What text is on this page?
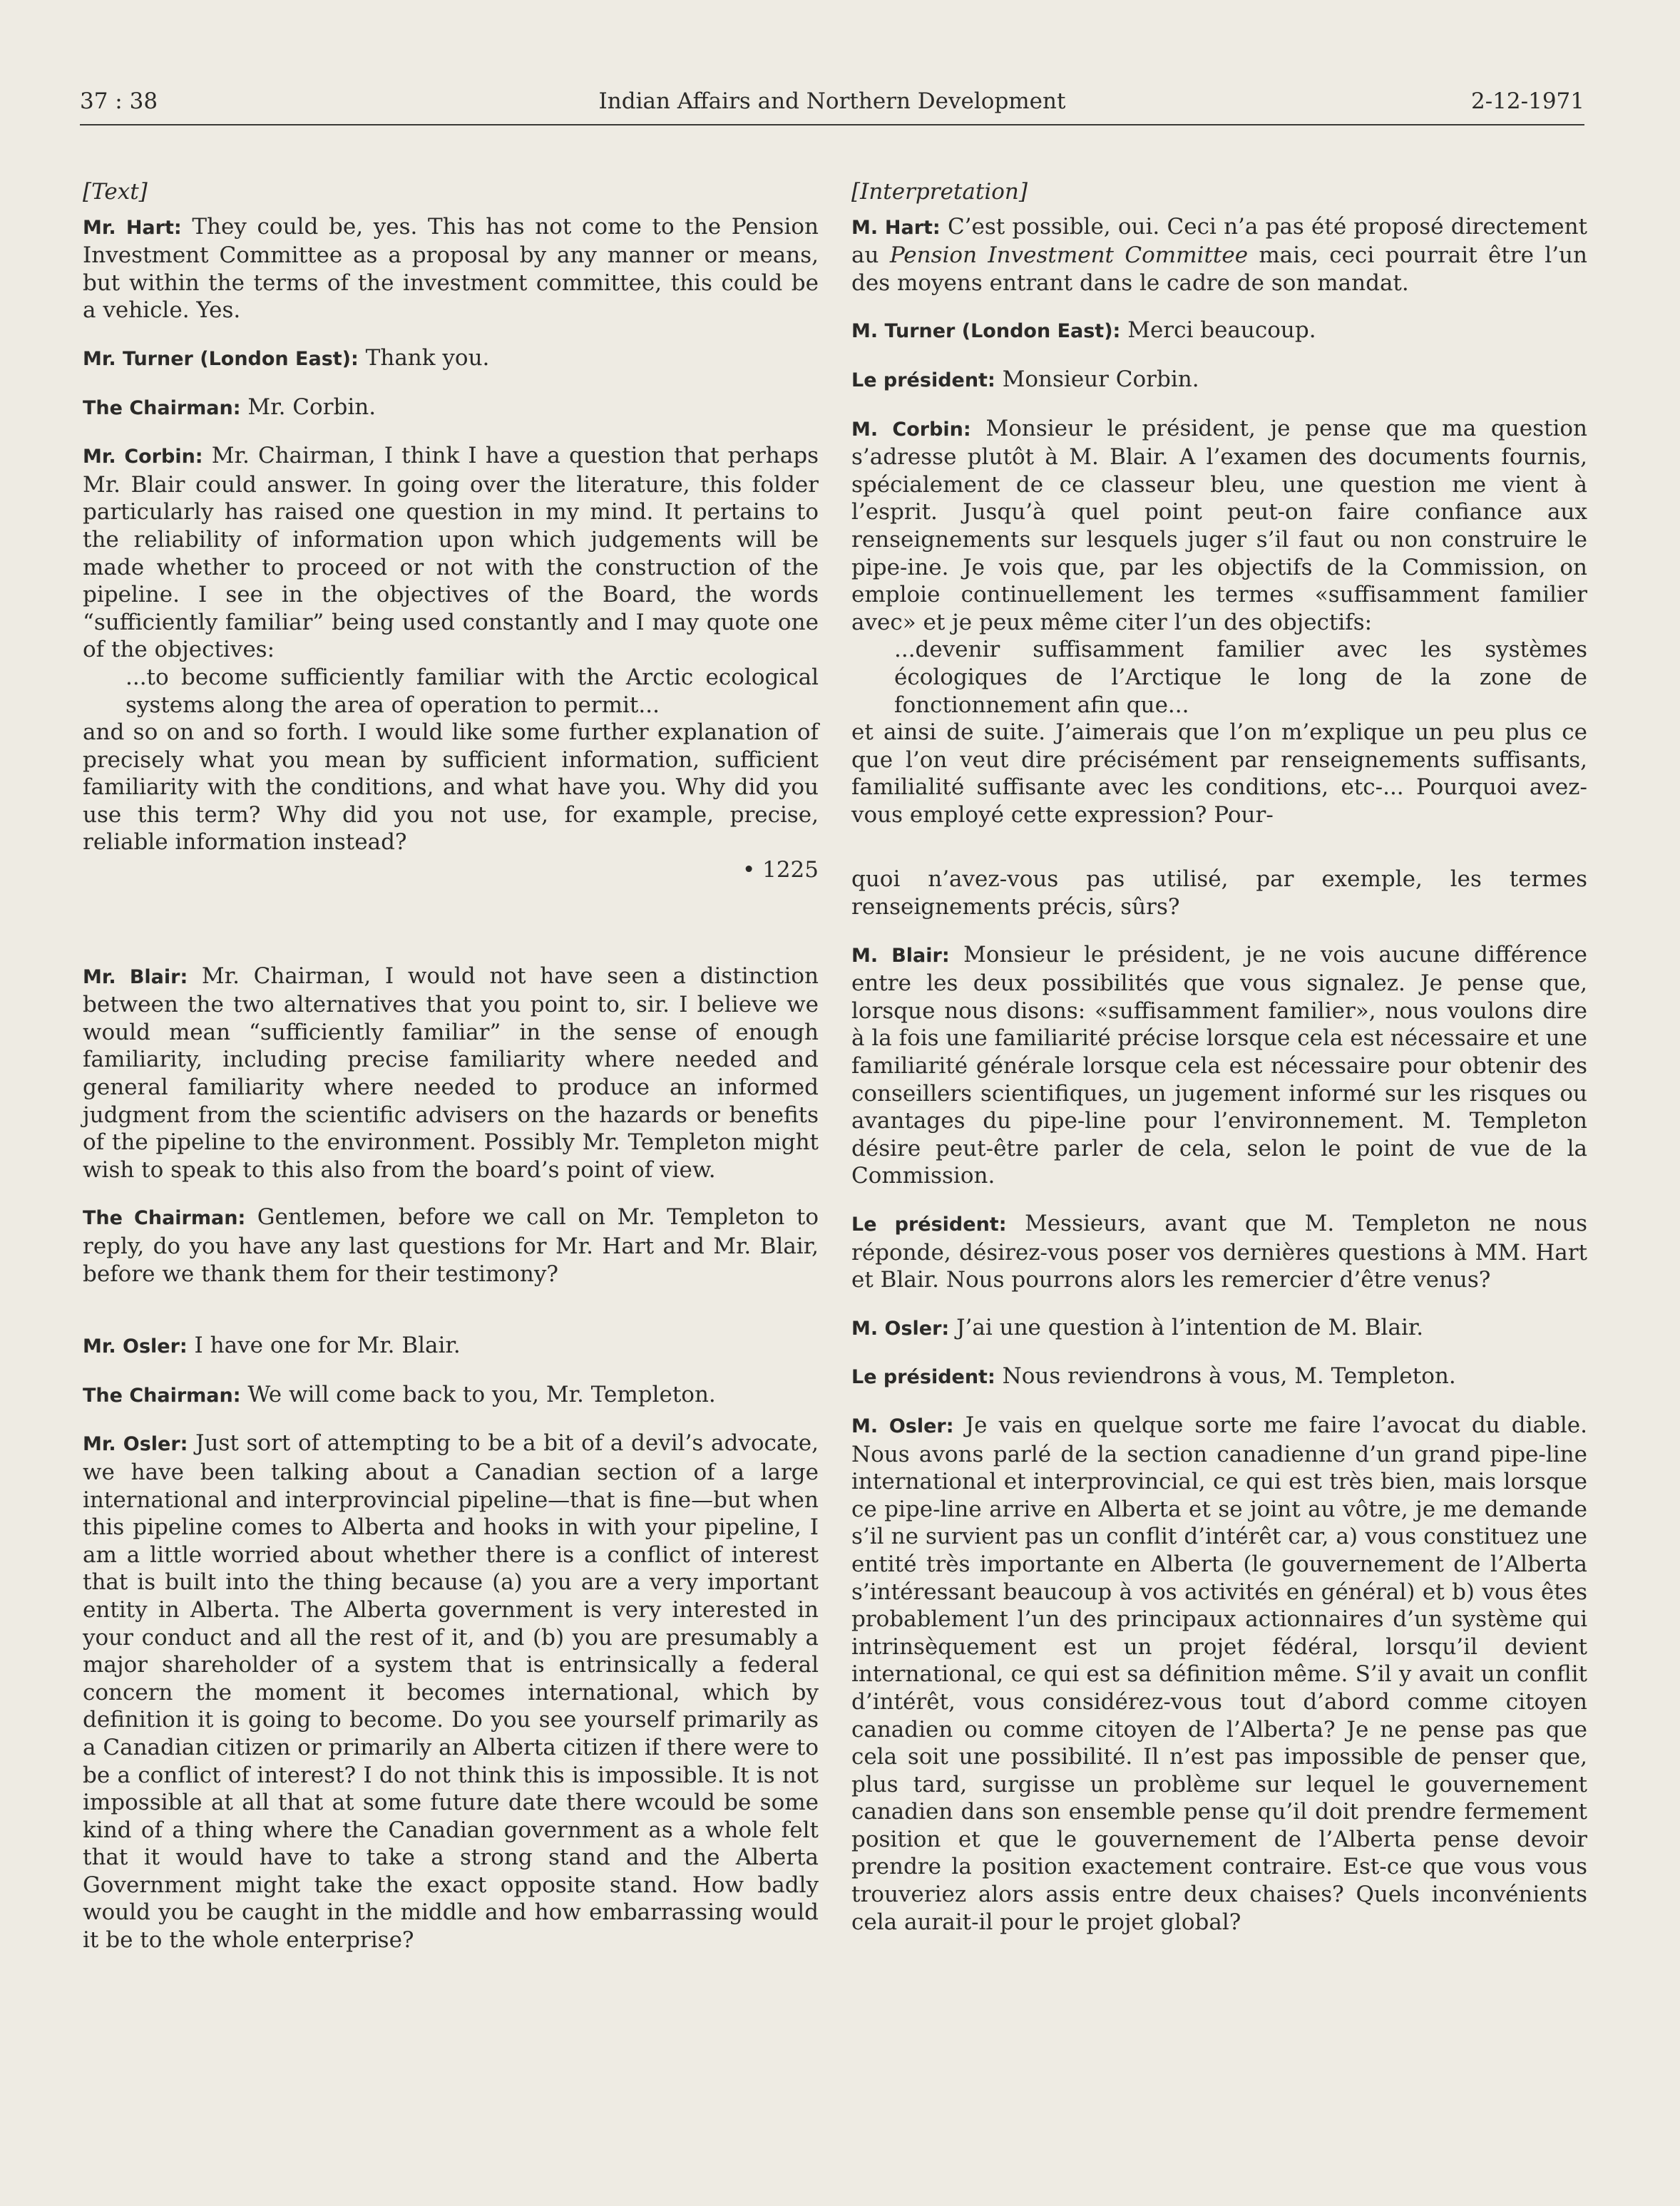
37 : 38	Indian Affairs and Northern Development	2-12-1971

[Text]

Mr. Hart: They could be, yes. This has not come to the Pension Investment Committee as a proposal by any manner or means, but within the terms of the investment committee, this could be a vehicle. Yes.

Mr. Turner (London East): Thank you.

The Chairman: Mr. Corbin.

Mr. Corbin: Mr. Chairman, I think I have a question that perhaps Mr. Blair could answer. In going over the literature, this folder particularly has raised one question in my mind. It pertains to the reliability of information upon which judgements will be made whether to proceed or not with the construction of the pipeline. I see in the objectives of the Board, the words “sufficiently familiar” being used constantly and I may quote one of the objectives:

...to become sufficiently familiar with the Arctic ecological systems along the area of operation to permit...

and so on and so forth. I would like some further explanation of precisely what you mean by sufficient information, sufficient familiarity with the conditions, and what have you. Why did you use this term? Why did you not use, for example, precise, reliable information instead?

• 1225

Mr. Blair: Mr. Chairman, I would not have seen a distinction between the two alternatives that you point to, sir. I believe we would mean “sufficiently familiar” in the sense of enough familiarity, including precise familiarity where needed and general familiarity where needed to produce an informed judgment from the scientific advisers on the hazards or benefits of the pipeline to the environment. Possibly Mr. Templeton might wish to speak to this also from the board’s point of view.

The Chairman: Gentlemen, before we call on Mr. Templeton to reply, do you have any last questions for Mr. Hart and Mr. Blair, before we thank them for their testimony?

Mr. Osler: I have one for Mr. Blair.

The Chairman: We will come back to you, Mr. Templeton.

Mr. Osler: Just sort of attempting to be a bit of a devil’s advocate, we have been talking about a Canadian section of a large international and interprovincial pipeline—that is fine—but when this pipeline comes to Alberta and hooks in with your pipeline, I am a little worried about whether there is a conflict of interest that is built into the thing because (a) you are a very important entity in Alberta. The Alberta government is very interested in your conduct and all the rest of it, and (b) you are presumably a major shareholder of a system that is entrinsically a federal concern the moment it becomes international, which by definition it is going to become. Do you see yourself primarily as a Canadian citizen or primarily an Alberta citizen if there were to be a conflict of interest? I do not think this is impossible. It is not impossible at all that at some future date there wcould be some kind of a thing where the Canadian government as a whole felt that it would have to take a strong stand and the Alberta Government might take the exact opposite stand. How badly would you be caught in the middle and how embarrassing would it be to the whole enterprise?

[Interpretation]

M. Hart: C’est possible, oui. Ceci n’a pas été proposé directement au Pension Investment Committee mais, ceci pourrait être l’un des moyens entrant dans le cadre de son mandat.

M. Turner (London East): Merci beaucoup.

Le président: Monsieur Corbin.

M. Corbin: Monsieur le président, je pense que ma question s’adresse plutôt à M. Blair. A l’examen des documents fournis, spécialement de ce classeur bleu, une question me vient à l’esprit. Jusqu’à quel point peut-on faire confiance aux renseignements sur lesquels juger s’il faut ou non construire le pipe-ine. Je vois que, par les objectifs de la Commission, on emploie continuellement les termes «suffisamment familier avec» et je peux même citer l’un des objectifs:

...devenir suffisamment familier avec les systèmes écologiques de l’Arctique le long de la zone de fonctionnement afin que...

et ainsi de suite. J’aimerais que l’on m’explique un peu plus ce que l’on veut dire précisément par renseignements suffisants, familialité suffisante avec les conditions, etc-... Pourquoi avez-vous employé cette expression? Pour-

quoi n’avez-vous pas utilisé, par exemple, les termes renseignements précis, sûrs?

M. Blair: Monsieur le président, je ne vois aucune différence entre les deux possibilités que vous signalez. Je pense que, lorsque nous disons: «suffisamment familier», nous voulons dire à la fois une familiarité précise lorsque cela est nécessaire et une familiarité générale lorsque cela est nécessaire pour obtenir des conseillers scientifiques, un jugement informé sur les risques ou avantages du pipe-line pour l’environnement. M. Templeton désire peut-être parler de cela, selon le point de vue de la Commission.

Le président: Messieurs, avant que M. Templeton ne nous réponde, désirez-vous poser vos dernières questions à MM. Hart et Blair. Nous pourrons alors les remercier d’être venus?

M. Osler: J’ai une question à l’intention de M. Blair.

Le président: Nous reviendrons à vous, M. Templeton.

M. Osler: Je vais en quelque sorte me faire l’avocat du diable. Nous avons parlé de la section canadienne d’un grand pipe-line international et interprovincial, ce qui est très bien, mais lorsque ce pipe-line arrive en Alberta et se joint au vôtre, je me demande s’il ne survient pas un conflit d’intérêt car, a) vous constituez une entité très importante en Alberta (le gouvernement de l’Alberta s’intéressant beaucoup à vos activités en général) et b) vous êtes probablement l’un des principaux actionnaires d’un système qui intrinsèquement est un projet fédéral, lorsqu’il devient international, ce qui est sa définition même. S’il y avait un conflit d’intérêt, vous considérez-vous tout d’abord comme citoyen canadien ou comme citoyen de l’Alberta? Je ne pense pas que cela soit une possibilité. Il n’est pas impossible de penser que, plus tard, surgisse un problème sur lequel le gouvernement canadien dans son ensemble pense qu’il doit prendre fermement position et que le gouvernement de l’Alberta pense devoir prendre la position exactement contraire. Est-ce que vous vous trouveriez alors assis entre deux chaises? Quels inconvénients cela aurait-il pour le projet global?
